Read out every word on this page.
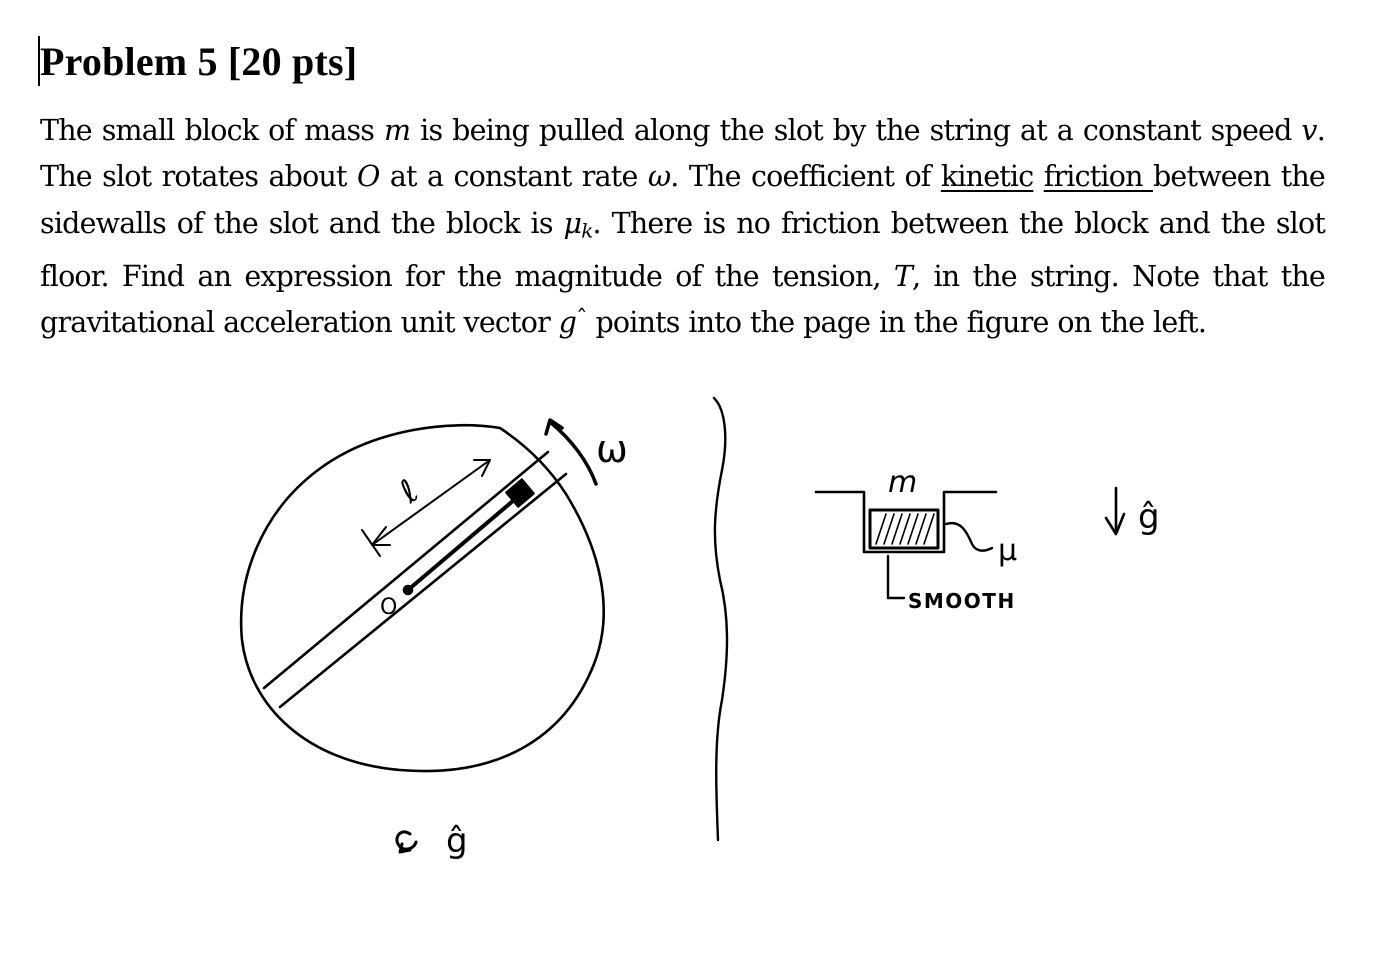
Problem 5 [20 pts]

The small block of mass m is being pulled along the slot by the string at a constant speed v. The slot rotates about O at a constant rate ω. The coefficient of kinetic friction between the sidewalls of the slot and the block is $\mu_k$. There is no friction between the block and the slot floor. Find an expression for the magnitude of the tension, T, in the string. Note that the gravitational acceleration unit vector $g^ˆ$ points into the page in the figure on the left.

ℓ
O
ω
ĝ
m
μ
SMOOTH
ĝ
